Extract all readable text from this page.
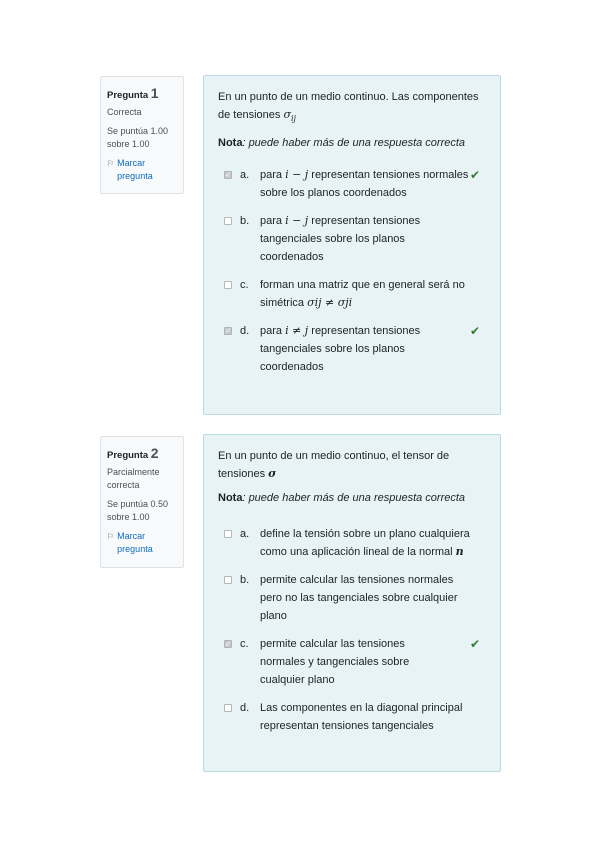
Pregunta 1
Correcta
Se puntúa 1.00 sobre 1.00
⚐ Marcar pregunta

En un punto de un medio continuo. Las componentes de tensiones $\sigma_{ij}$

Nota: puede haber más de una respuesta correcta
✓ a. para i − j representan tensiones normales sobre los planos coordenados
✔
b. para i − j representan tensiones tangenciales sobre los planos coordenados
c.	forman una matriz que en general será no simétrica σij ≠ σji
✓ d. para i ≠ j representan tensiones tangenciales sobre los planos coordenados
✔
Pregunta 2
Parcialmente correcta
Se puntúa 0.50 sobre 1.00
⚐ Marcar pregunta

En un punto de un medio continuo, el tensor de tensiones σ

Nota: puede haber más de una respuesta correcta
a. define la tensión sobre un plano cualquiera como una aplicación lineal de la normal n
b. permite calcular las tensiones normales pero no las tangenciales sobre cualquier plano
✓ c.	permite calcular las tensiones normales y tangenciales sobre cualquier plano
✔
d. Las componentes en la diagonal principal representan tensiones tangenciales
